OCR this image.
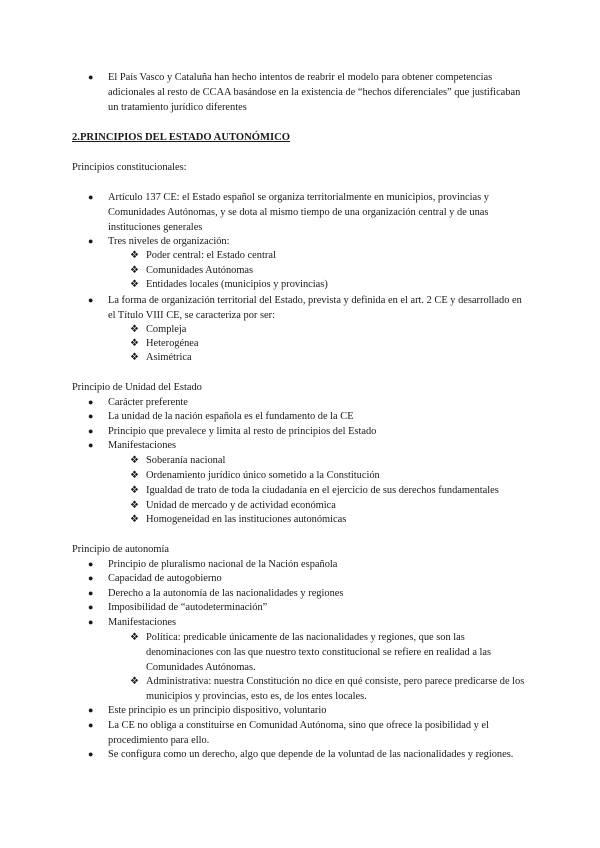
●	El País Vasco y Cataluña han hecho intentos de reabrir el modelo para obtener competencias adicionales al resto de CCAA basándose en la existencia de “hechos diferenciales” que justificaban un tratamiento jurídico diferentes
2.PRINCIPIOS DEL ESTADO AUTONÓMICO
Principios constitucionales:
●	Artículo 137 CE: el Estado español se organiza territorialmente en municipios, provincias y Comunidades Autónomas, y se dota al mismo tiempo de una organización central y de unas instituciones generales
●	Tres niveles de organización:
❖ Poder central: el Estado central
❖ Comunidades Autónomas
❖ Entidades locales (municipios y provincias)
●	La forma de organización territorial del Estado, prevista y definida en el art. 2 CE y desarrollado en el Título VIII CE, se caracteriza por ser:
❖ Compleja
❖ Heterogénea
❖ Asimétrica
Principio de Unidad del Estado
●	Carácter preferente
●	La unidad de la nación española es el fundamento de la CE
●	Principio que prevalece y limita al resto de principios del Estado
●	Manifestaciones
❖ Soberanía nacional
❖ Ordenamiento jurídico único sometido a la Constitución
❖ Igualdad de trato de toda la ciudadanía en el ejercicio de sus derechos fundamentales
❖ Unidad de mercado y de actividad económica
❖ Homogeneidad en las instituciones autonómicas
Principio de autonomía
●	Principio de pluralismo nacional de la Nación española
●	Capacidad de autogobierno
●	Derecho a la autonomía de las nacionalidades y regiones
●	Imposibilidad de “autodeterminación”
●	Manifestaciones
❖ Política: predicable únicamente de las nacionalidades y regiones, que son las denominaciones con las que nuestro texto constitucional se refiere en realidad a las Comunidades Autónomas.
❖ Administrativa: nuestra Constitución no dice en qué consiste, pero parece predicarse de los municipios y provincias, esto es, de los entes locales.
●	Este principio es un principio dispositivo, voluntario
●	La CE no obliga a constituirse en Comunidad Autónoma, sino que ofrece la posibilidad y el procedimiento para ello.
●	Se configura como un derecho, algo que depende de la voluntad de las nacionalidades y regiones.
